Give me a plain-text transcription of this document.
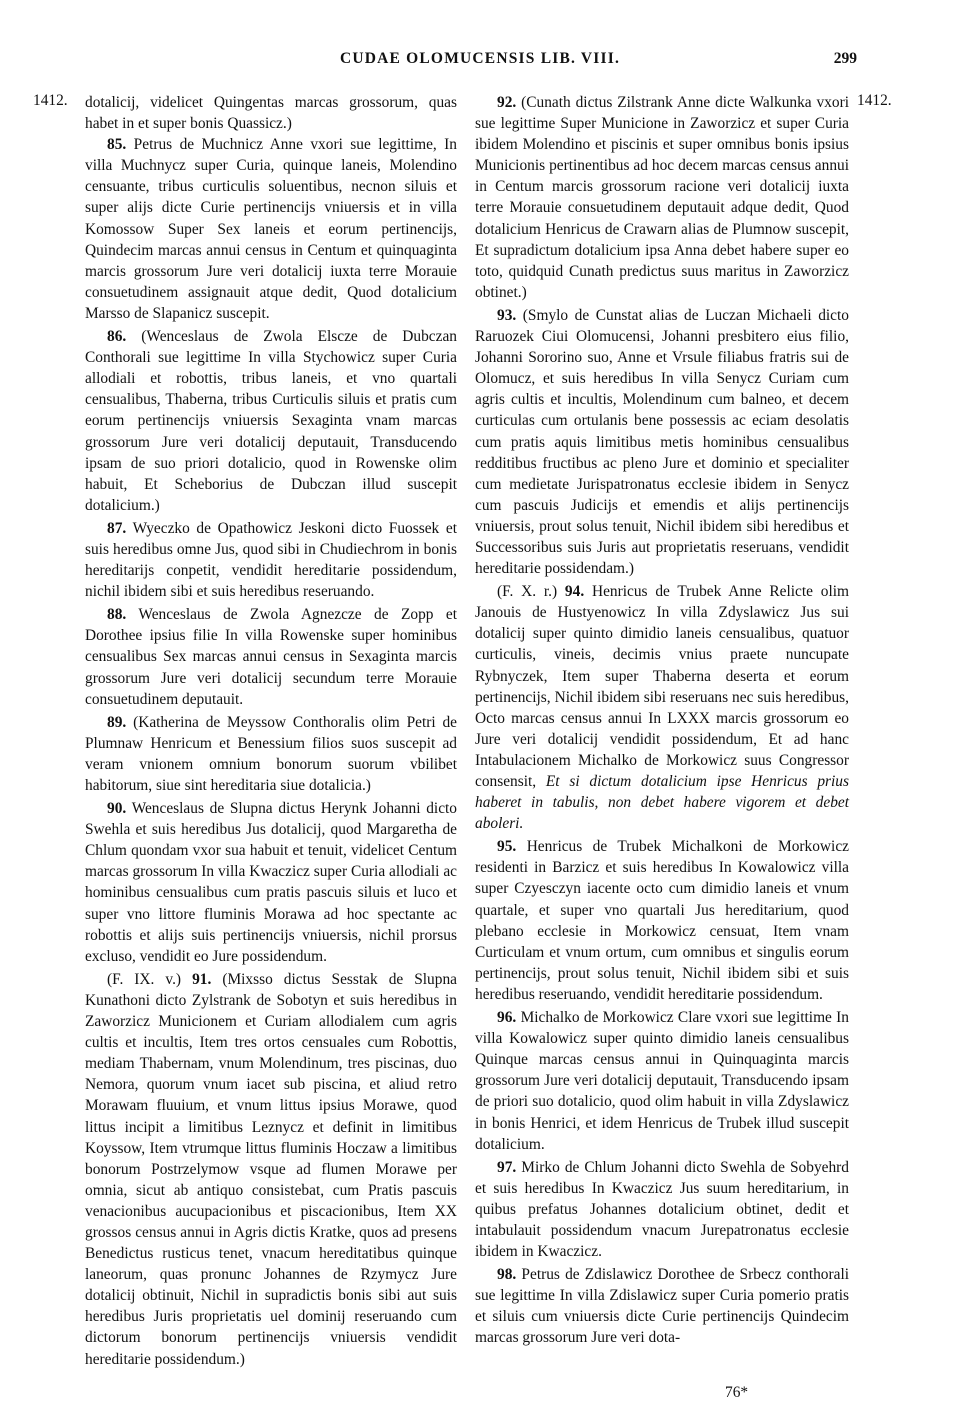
CUDAE OLOMUCENSIS LIB. VIII.	299
1412.	1412.

dotalicij, videlicet Quingentas marcas grossorum, quas habet in et super bonis Quassicz.)

85. Petrus de Muchnicz Anne vxori sue legittime, In villa Muchnycz super Curia, quinque laneis, Molendino censuante, tribus curticulis soluentibus, necnon siluis et super alijs dicte Curie pertinencijs vniuersis et in villa Komossow Super Sex laneis et eorum pertinencijs, Quindecim marcas annui census in Centum et quinquaginta marcis grossorum Jure veri dotalicij iuxta terre Morauie consuetudinem assignauit atque dedit, Quod dotalicium Marsso de Slapanicz suscepit.

86. (Wenceslaus de Zwola Elscze de Dubczan Conthorali sue legittime In villa Stychowicz super Curia allodiali et robottis, tribus laneis, et vno quartali censualibus, Thaberna, tribus Curticulis siluis et pratis cum eorum pertinencijs vniuersis Sexaginta vnam marcas grossorum Jure veri dotalicij deputauit, Transducendo ipsam de suo priori dotalicio, quod in Rowenske olim habuit, Et Scheborius de Dubczan illud suscepit dotalicium.)

87. Wyeczko de Opathowicz Jeskoni dicto Fuossek et suis heredibus omne Jus, quod sibi in Chudiechrom in bonis hereditarijs conpetit, vendidit hereditarie possidendum, nichil ibidem sibi et suis heredibus reseruando.

88. Wenceslaus de Zwola Agnezcze de Zopp et Dorothee ipsius filie In villa Rowenske super hominibus censualibus Sex marcas annui census in Sexaginta marcis grossorum Jure veri dotalicij secundum terre Morauie consuetudinem deputauit.

89. (Katherina de Meyssow Conthoralis olim Petri de Plumnaw Henricum et Benessium filios suos suscepit ad veram vnionem omnium bonorum suorum vbilibet habitorum, siue sint hereditaria siue dotalicia.)

90. Wenceslaus de Slupna dictus Herynk Johanni dicto Swehla et suis heredibus Jus dotalicij, quod Margaretha de Chlum quondam vxor sua habuit et tenuit, videlicet Centum marcas grossorum In villa Kwaczicz super Curia allodiali ac hominibus censualibus cum pratis pascuis siluis et luco et super vno littore fluminis Morawa ad hoc spectante ac robottis et alijs suis pertinencijs vniuersis, nichil prorsus excluso, vendidit eo Jure possidendum.

(F. IX. v.) 91. (Mixsso dictus Sesstak de Slupna Kunathoni dicto Zylstrank de Sobotyn et suis heredibus in Zaworzicz Municionem et Curiam allodialem cum agris cultis et incultis, Item tres ortos censuales cum Robottis, mediam Thabernam, vnum Molendinum, tres piscinas, duo Nemora, quorum vnum iacet sub piscina, et aliud retro Morawam fluuium, et vnum littus ipsius Morawe, quod littus incipit a limitibus Leznycz et definit in limitibus Koyssow, Item vtrumque littus fluminis Hoczaw a limitibus bonorum Postrzelymow vsque ad flumen Morawe per omnia, sicut ab antiquo consistebat, cum Pratis pascuis venacionibus aucupacionibus et piscacionibus, Item XX grossos census annui in Agris dictis Kratke, quos ad presens Benedictus rusticus tenet, vnacum hereditatibus quinque laneorum, quas pronunc Johannes de Rzymycz Jure dotalicij obtinuit, Nichil in supradictis bonis sibi aut suis heredibus Juris proprietatis uel dominij reseruando cum dictorum bonorum pertinencijs vniuersis vendidit hereditarie possidendum.)

92. (Cunath dictus Zilstrank Anne dicte Walkunka vxori sue legittime Super Municione in Zaworzicz et super Curia ibidem Molendino et piscinis et super omnibus bonis ipsius Municionis pertinentibus ad hoc decem marcas census annui in Centum marcis grossorum racione veri dotalicij iuxta terre Morauie consuetudinem deputauit adque dedit, Quod dotalicium Henricus de Crawarn alias de Plumnow suscepit, Et supradictum dotalicium ipsa Anna debet habere super eo toto, quidquid Cunath predictus suus maritus in Zaworzicz obtinet.)

93. (Smylo de Cunstat alias de Luczan Michaeli dicto Raruozek Ciui Olomucensi, Johanni presbitero eius filio, Johanni Sororino suo, Anne et Vrsule filiabus fratris sui de Olomucz, et suis heredibus In villa Senycz Curiam cum agris cultis et incultis, Molendinum cum balneo, et decem curticulas cum ortulanis bene possessis ac eciam desolatis cum pratis aquis limitibus metis hominibus censualibus redditibus fructibus ac pleno Jure et dominio et specialiter cum medietate Jurispatronatus ecclesie ibidem in Senycz cum pascuis Judicijs et emendis et alijs pertinencijs vniuersis, prout solus tenuit, Nichil ibidem sibi heredibus et Successoribus suis Juris aut proprietatis reseruans, vendidit hereditarie possidendam.)

(F. X. r.) 94. Henricus de Trubek Anne Relicte olim Janouis de Hustyenowicz In villa Zdyslawicz Jus sui dotalicij super quinto dimidio laneis censualibus, quatuor curticulis, vineis, decimis vnius praete nuncupate Rybnyczek, Item super Thaberna deserta et eorum pertinencijs, Nichil ibidem sibi reseruans nec suis heredibus, Octo marcas census annui In LXXX marcis grossorum eo Jure veri dotalicij vendidit possidendum, Et ad hanc Intabulacionem Michalko de Morkowicz suus Congressor consensit, Et si dictum dotalicium ipse Henricus prius haberet in tabulis, non debet habere vigorem et debet aboleri.

95. Henricus de Trubek Michalkoni de Morkowicz residenti in Barzicz et suis heredibus In Kowalowicz villa super Czyesczyn iacente octo cum dimidio laneis et vnum quartale, et super vno quartali Jus hereditarium, quod plebano ecclesie in Morkowicz censuat, Item vnam Curticulam et vnum ortum, cum omnibus et singulis eorum pertinencijs, prout solus tenuit, Nichil ibidem sibi et suis heredibus reseruando, vendidit hereditarie possidendum.

96. Michalko de Morkowicz Clare vxori sue legittime In villa Kowalowicz super quinto dimidio laneis censualibus Quinque marcas census annui in Quinquaginta marcis grossorum Jure veri dotalicij deputauit, Transducendo ipsam de priori suo dotalicio, quod olim habuit in villa Zdyslawicz in bonis Henrici, et idem Henricus de Trubek illud suscepit dotalicium.

97. Mirko de Chlum Johanni dicto Swehla de Sobyehrd et suis heredibus In Kwaczicz Jus suum hereditarium, in quibus prefatus Johannes dotalicium obtinet, dedit et intabulauit possidendum vnacum Jurepatronatus ecclesie ibidem in Kwaczicz.

98. Petrus de Zdislawicz Dorothee de Srbecz conthorali sue legittime In villa Zdislawicz super Curia pomerio pratis et siluis cum vniuersis dicte Curie pertinencijs Quindecim marcas grossorum Jure veri dota-

76*
